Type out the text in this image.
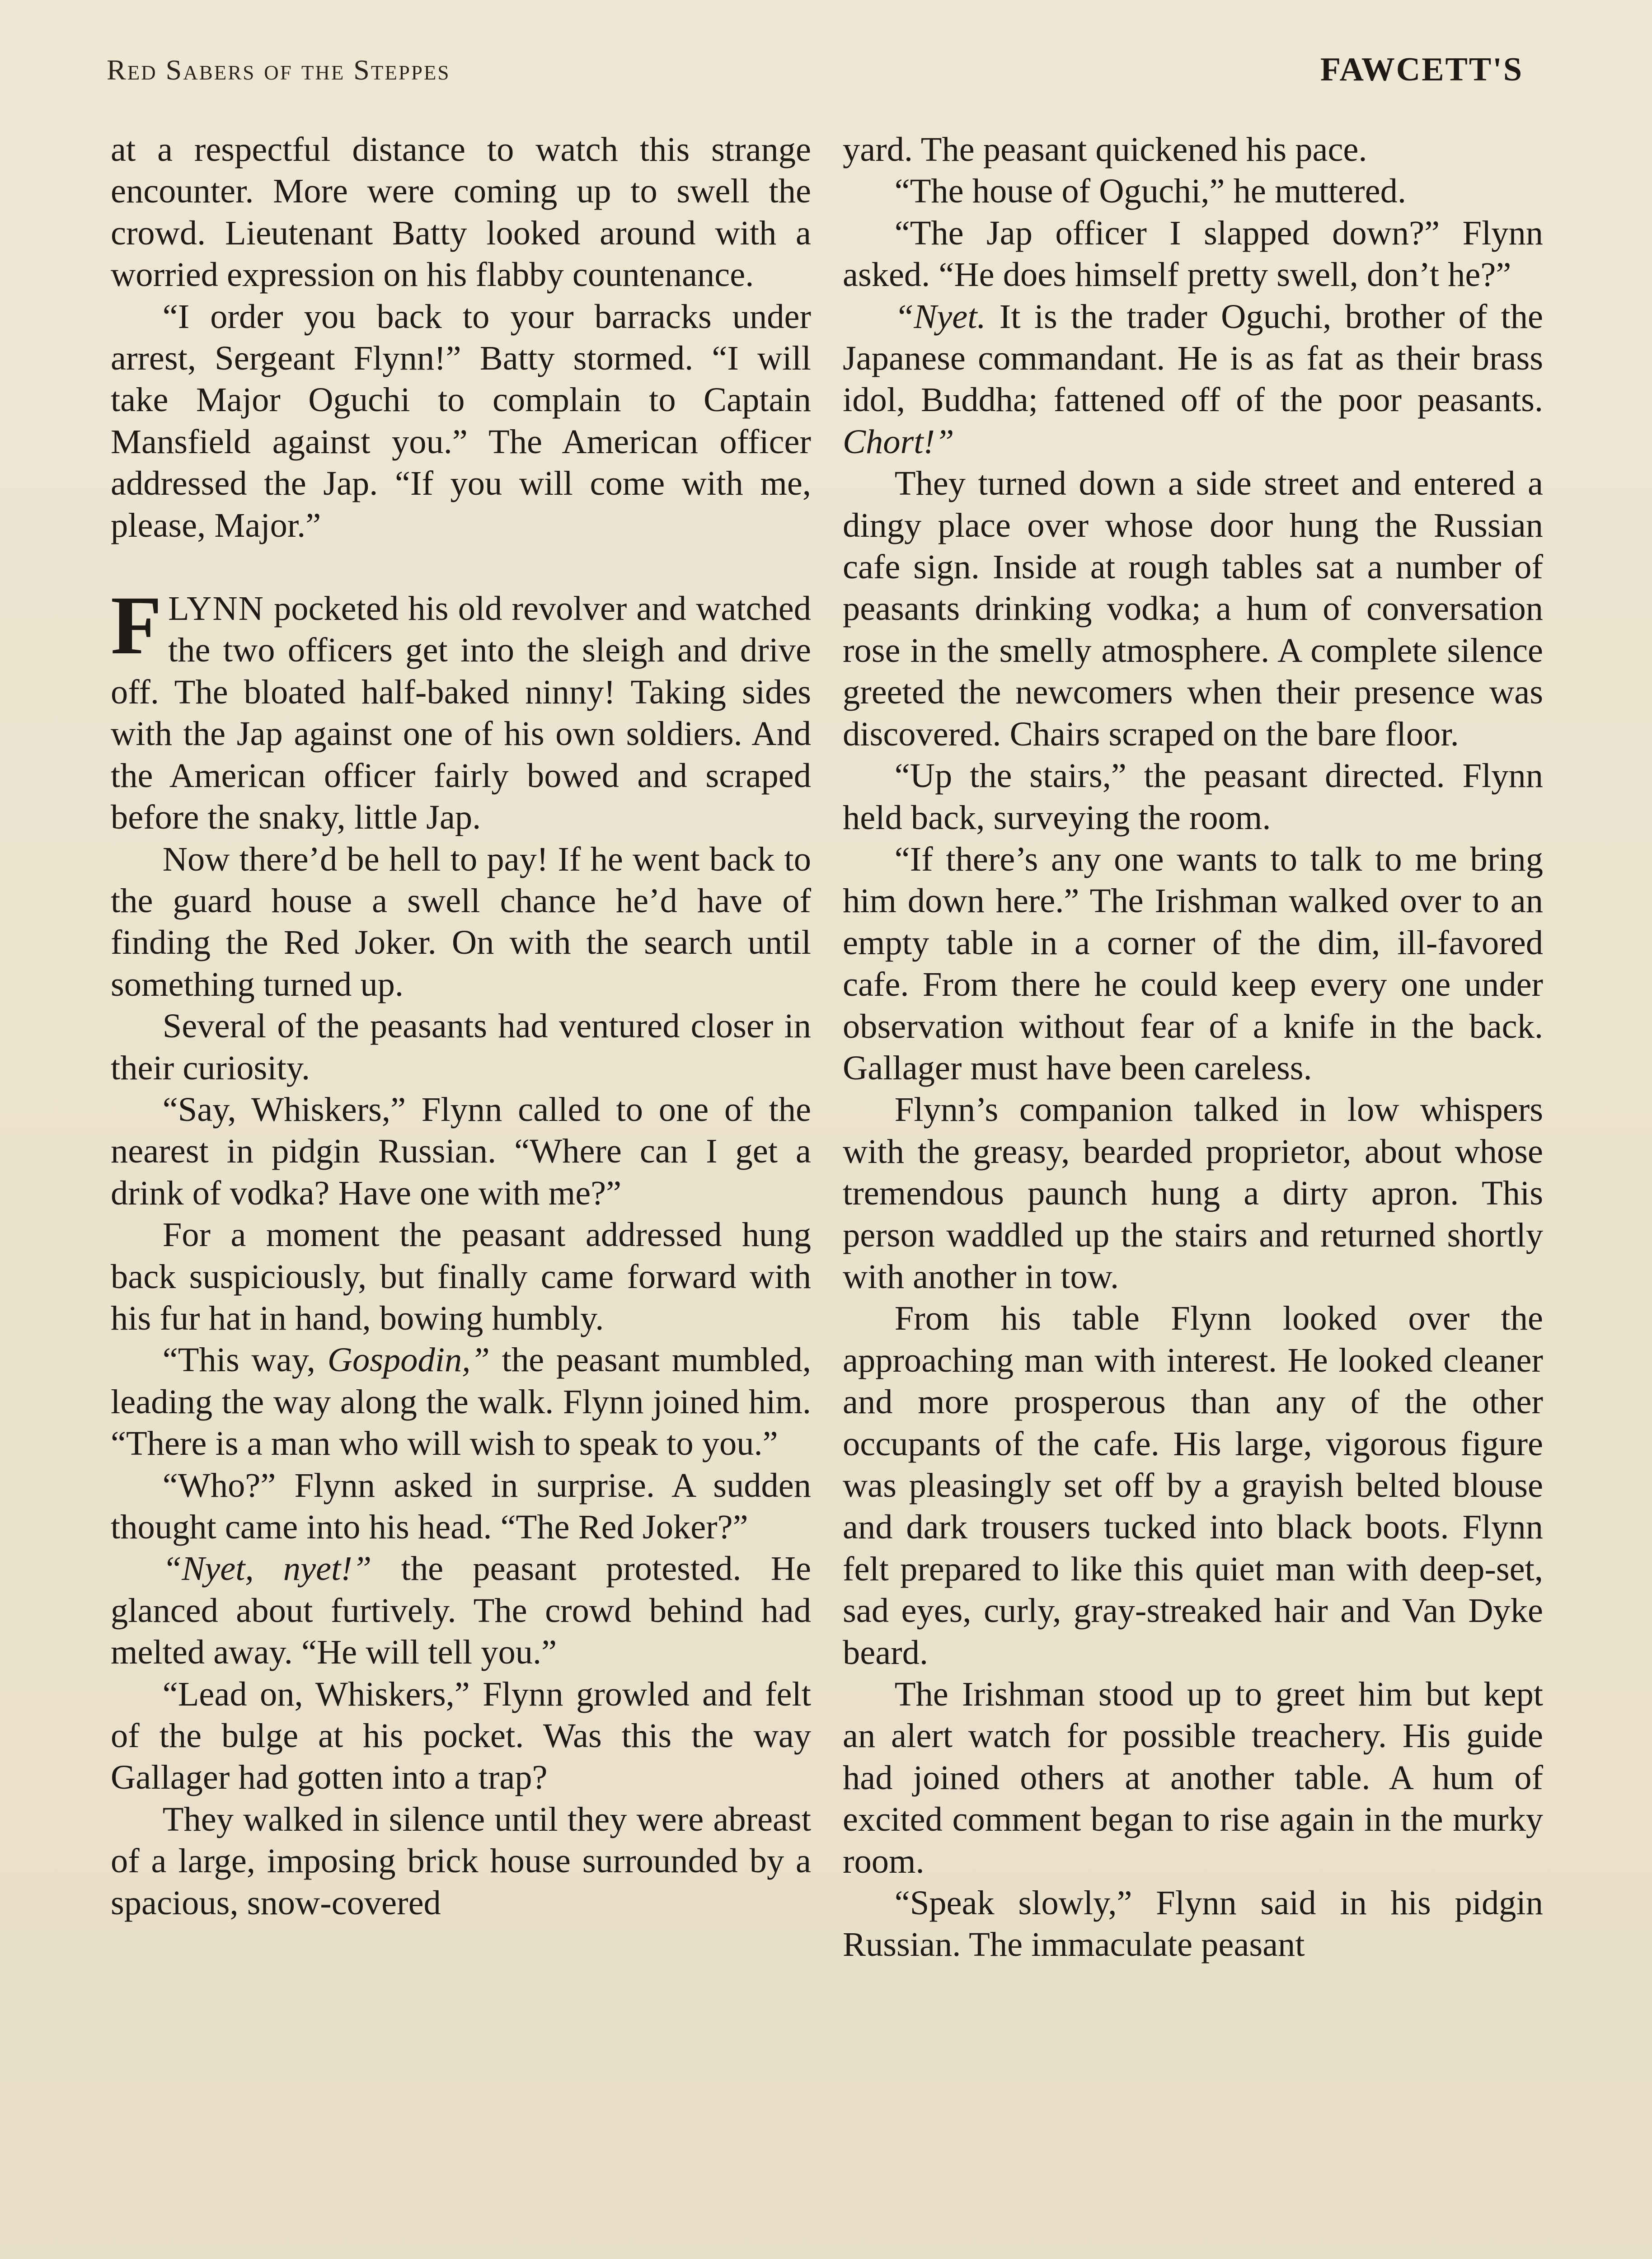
Red Sabers of the Steppes	FAWCETT'S

at a respectful distance to watch this strange encounter. More were coming up to swell the crowd. Lieutenant Batty looked around with a worried expression on his flabby countenance.

“I order you back to your barracks under arrest, Sergeant Flynn!” Batty stormed. “I will take Major Oguchi to complain to Captain Mansfield against you.” The American officer addressed the Jap. “If you will come with me, please, Major.”

FLYNN pocketed his old revolver and watched the two officers get into the sleigh and drive off. The bloated half-baked ninny! Taking sides with the Jap against one of his own soldiers. And the American officer fairly bowed and scraped before the snaky, little Jap.

Now there’d be hell to pay! If he went back to the guard house a swell chance he’d have of finding the Red Joker. On with the search until something turned up.

Several of the peasants had ventured closer in their curiosity.

“Say, Whiskers,” Flynn called to one of the nearest in pidgin Russian. “Where can I get a drink of vodka? Have one with me?”

For a moment the peasant addressed hung back suspiciously, but finally came forward with his fur hat in hand, bowing humbly.

“This way, Gospodin,” the peasant mumbled, leading the way along the walk. Flynn joined him. “There is a man who will wish to speak to you.”

“Who?” Flynn asked in surprise. A sudden thought came into his head. “The Red Joker?”

“Nyet, nyet!” the peasant protested. He glanced about furtively. The crowd behind had melted away. “He will tell you.”

“Lead on, Whiskers,” Flynn growled and felt of the bulge at his pocket. Was this the way Gallager had gotten into a trap?

They walked in silence until they were abreast of a large, imposing brick house surrounded by a spacious, snow-covered

yard. The peasant quickened his pace.

“The house of Oguchi,” he muttered.

“The Jap officer I slapped down?” Flynn asked. “He does himself pretty swell, don’t he?”

“Nyet. It is the trader Oguchi, brother of the Japanese commandant. He is as fat as their brass idol, Buddha; fattened off of the poor peasants. Chort!”

They turned down a side street and entered a dingy place over whose door hung the Russian cafe sign. Inside at rough tables sat a number of peasants drinking vodka; a hum of conversation rose in the smelly atmosphere. A complete silence greeted the newcomers when their presence was discovered. Chairs scraped on the bare floor.

“Up the stairs,” the peasant directed. Flynn held back, surveying the room.

“If there’s any one wants to talk to me bring him down here.” The Irishman walked over to an empty table in a corner of the dim, ill-favored cafe. From there he could keep every one under observation without fear of a knife in the back. Gallager must have been careless.

Flynn’s companion talked in low whispers with the greasy, bearded proprietor, about whose tremendous paunch hung a dirty apron. This person waddled up the stairs and returned shortly with another in tow.

From his table Flynn looked over the approaching man with interest. He looked cleaner and more prosperous than any of the other occupants of the cafe. His large, vigorous figure was pleasingly set off by a grayish belted blouse and dark trousers tucked into black boots. Flynn felt prepared to like this quiet man with deep-set, sad eyes, curly, gray-streaked hair and Van Dyke beard.

The Irishman stood up to greet him but kept an alert watch for possible treachery. His guide had joined others at another table. A hum of excited comment began to rise again in the murky room.

“Speak slowly,” Flynn said in his pidgin Russian. The immaculate peasant
